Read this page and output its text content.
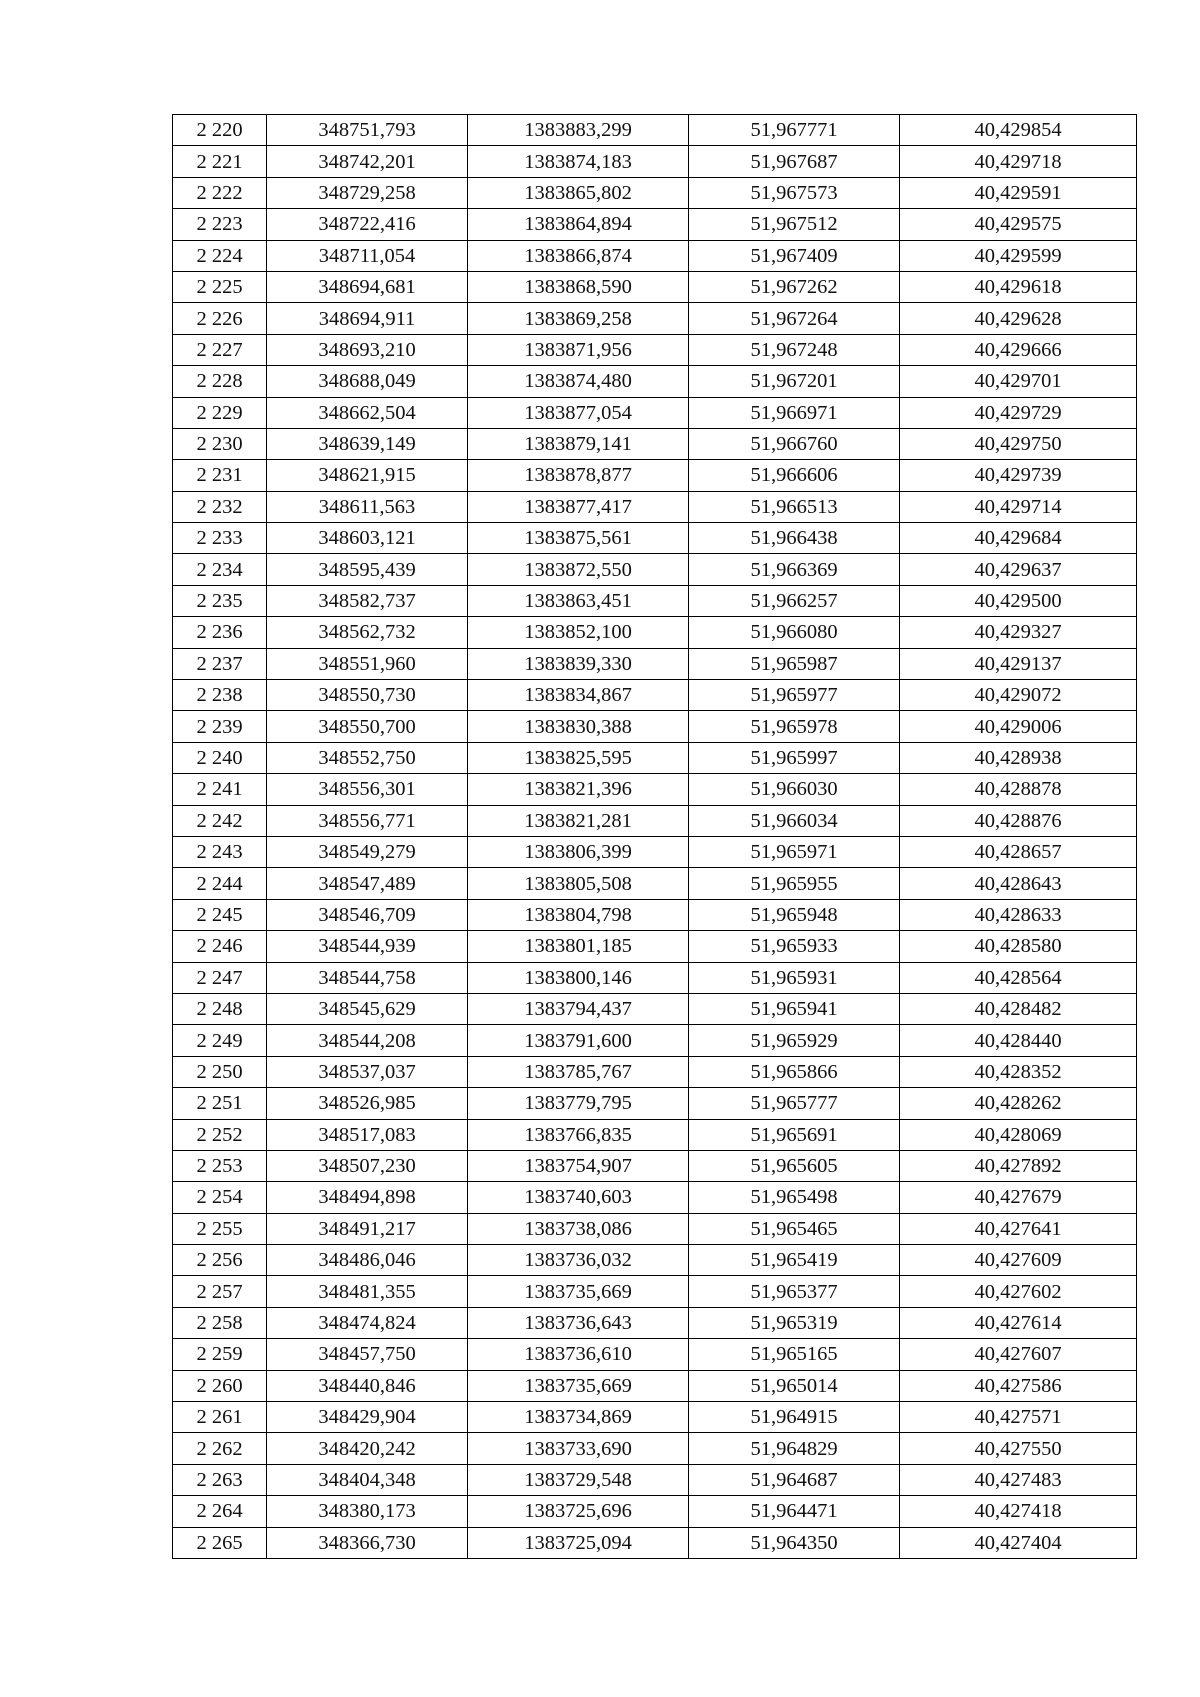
2 220	348751,793	1383883,299	51,967771	40,429854
2 221	348742,201	1383874,183	51,967687	40,429718
2 222	348729,258	1383865,802	51,967573	40,429591
2 223	348722,416	1383864,894	51,967512	40,429575
2 224	348711,054	1383866,874	51,967409	40,429599
2 225	348694,681	1383868,590	51,967262	40,429618
2 226	348694,911	1383869,258	51,967264	40,429628
2 227	348693,210	1383871,956	51,967248	40,429666
2 228	348688,049	1383874,480	51,967201	40,429701
2 229	348662,504	1383877,054	51,966971	40,429729
2 230	348639,149	1383879,141	51,966760	40,429750
2 231	348621,915	1383878,877	51,966606	40,429739
2 232	348611,563	1383877,417	51,966513	40,429714
2 233	348603,121	1383875,561	51,966438	40,429684
2 234	348595,439	1383872,550	51,966369	40,429637
2 235	348582,737	1383863,451	51,966257	40,429500
2 236	348562,732	1383852,100	51,966080	40,429327
2 237	348551,960	1383839,330	51,965987	40,429137
2 238	348550,730	1383834,867	51,965977	40,429072
2 239	348550,700	1383830,388	51,965978	40,429006
2 240	348552,750	1383825,595	51,965997	40,428938
2 241	348556,301	1383821,396	51,966030	40,428878
2 242	348556,771	1383821,281	51,966034	40,428876
2 243	348549,279	1383806,399	51,965971	40,428657
2 244	348547,489	1383805,508	51,965955	40,428643
2 245	348546,709	1383804,798	51,965948	40,428633
2 246	348544,939	1383801,185	51,965933	40,428580
2 247	348544,758	1383800,146	51,965931	40,428564
2 248	348545,629	1383794,437	51,965941	40,428482
2 249	348544,208	1383791,600	51,965929	40,428440
2 250	348537,037	1383785,767	51,965866	40,428352
2 251	348526,985	1383779,795	51,965777	40,428262
2 252	348517,083	1383766,835	51,965691	40,428069
2 253	348507,230	1383754,907	51,965605	40,427892
2 254	348494,898	1383740,603	51,965498	40,427679
2 255	348491,217	1383738,086	51,965465	40,427641
2 256	348486,046	1383736,032	51,965419	40,427609
2 257	348481,355	1383735,669	51,965377	40,427602
2 258	348474,824	1383736,643	51,965319	40,427614
2 259	348457,750	1383736,610	51,965165	40,427607
2 260	348440,846	1383735,669	51,965014	40,427586
2 261	348429,904	1383734,869	51,964915	40,427571
2 262	348420,242	1383733,690	51,964829	40,427550
2 263	348404,348	1383729,548	51,964687	40,427483
2 264	348380,173	1383725,696	51,964471	40,427418
2 265	348366,730	1383725,094	51,964350	40,427404
